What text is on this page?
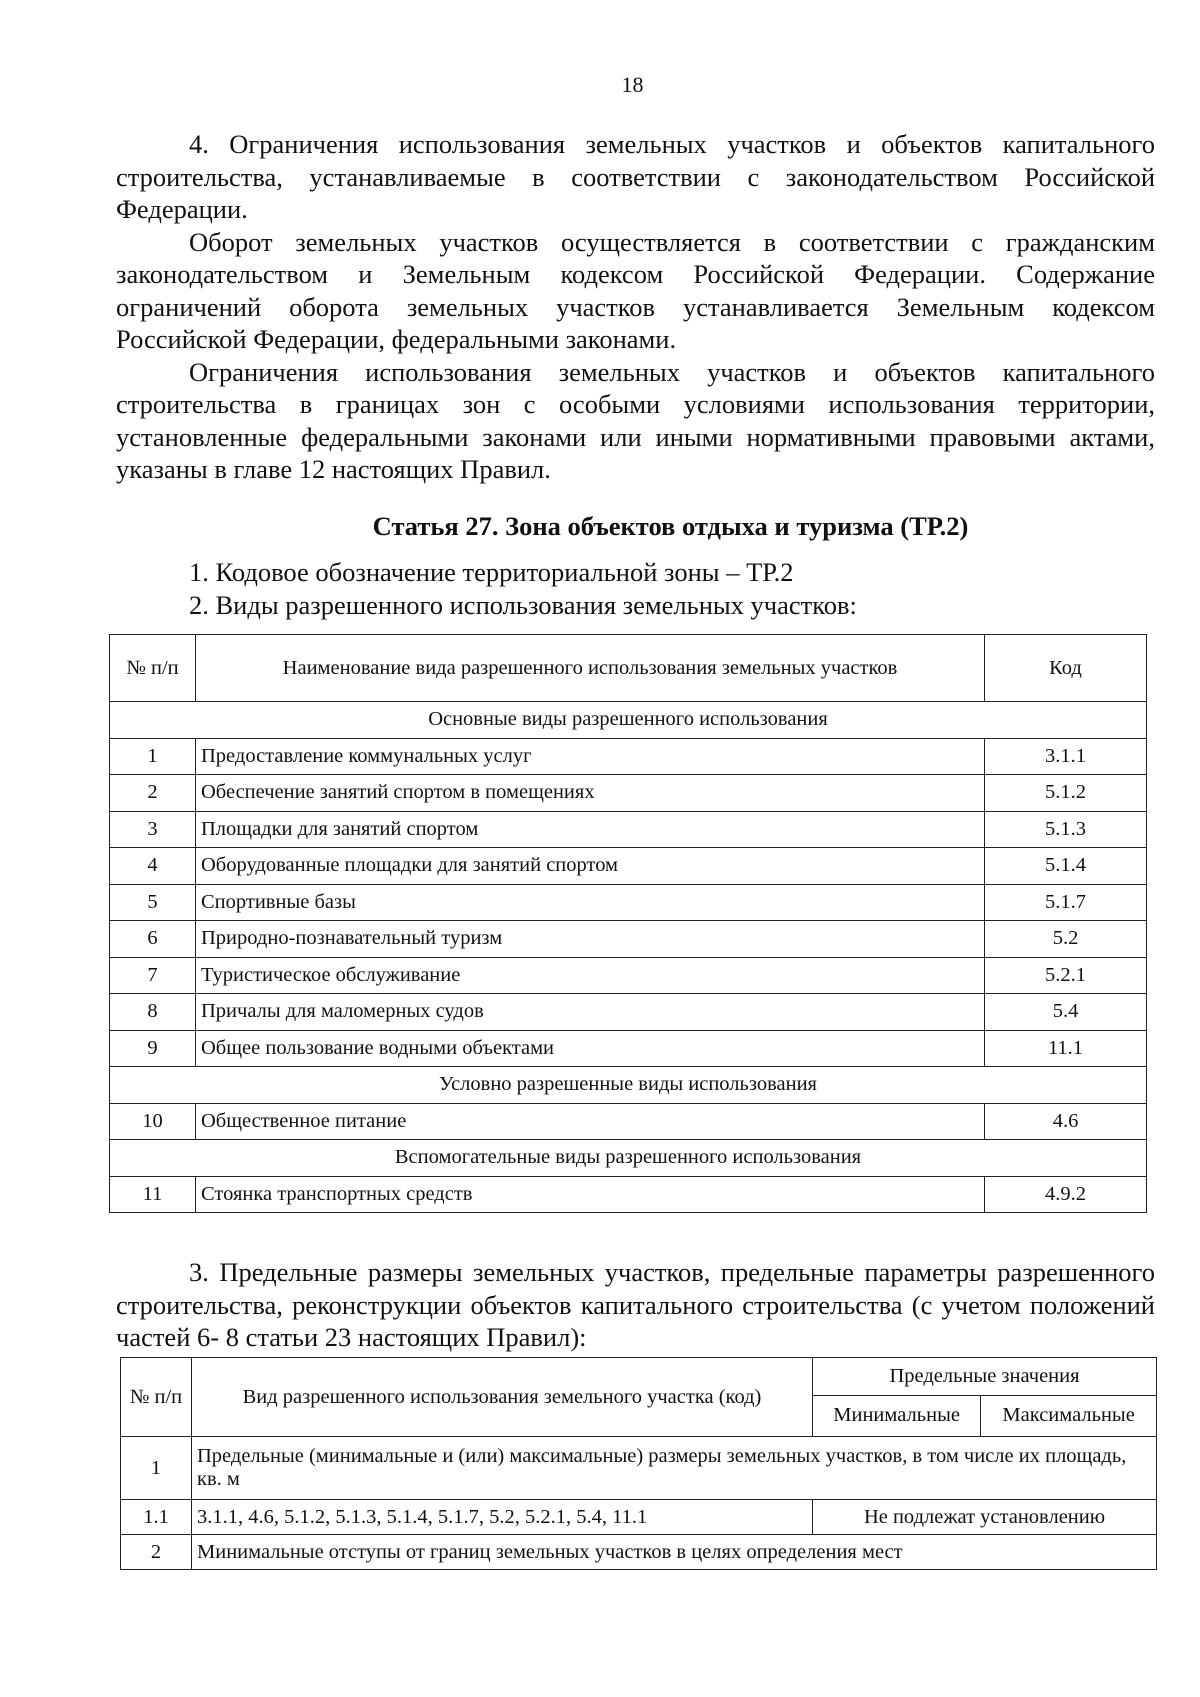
18

4. Ограничения использования земельных участков и объектов капитального строительства, устанавливаемые в соответствии с законодательством Российской Федерации.

Оборот земельных участков осуществляется в соответствии с гражданским законодательством и Земельным кодексом Российской Федерации. Содержание ограничений оборота земельных участков устанавливается Земельным кодексом Российской Федерации, федеральными законами.

Ограничения использования земельных участков и объектов капитального строительства в границах зон с особыми условиями использования территории, установленные федеральными законами или иными нормативными правовыми актами, указаны в главе 12 настоящих Правил.

Статья 27. Зона объектов отдыха и туризма (ТР.2)
1. Кодовое обозначение территориальной зоны – ТР.2
2. Виды разрешенного использования земельных участков:
№ п/п	Наименование вида разрешенного использования земельных участков	Код
Основные виды разрешенного использования		
1	Предоставление коммунальных услуг	3.1.1
2	Обеспечение занятий спортом в помещениях	5.1.2
3	Площадки для занятий спортом	5.1.3
4	Оборудованные площадки для занятий спортом	5.1.4
5	Спортивные базы	5.1.7
6	Природно-познавательный туризм	5.2
7	Туристическое обслуживание	5.2.1
8	Причалы для маломерных судов	5.4
9	Общее пользование водными объектами	11.1
Условно разрешенные виды использования		
10	Общественное питание	4.6
Вспомогательные виды разрешенного использования		
11	Стоянка транспортных средств	4.9.2

3. Предельные размеры земельных участков, предельные параметры разрешенного строительства, реконструкции объектов капитального строительства (с учетом положений частей 6- 8 статьи 23 настоящих Правил):

№ п/п	Вид разрешенного использования земельного участка (код)	Предельные значения	
		Минимальные	Максимальные
1	Предельные (минимальные и (или) максимальные) размеры земельных участков, в том числе их площадь, кв. м		
1.1	3.1.1, 4.6, 5.1.2, 5.1.3, 5.1.4, 5.1.7, 5.2, 5.2.1, 5.4, 11.1	Не подлежат установлению	
2	Минимальные отступы от границ земельных участков в целях определения мест		
